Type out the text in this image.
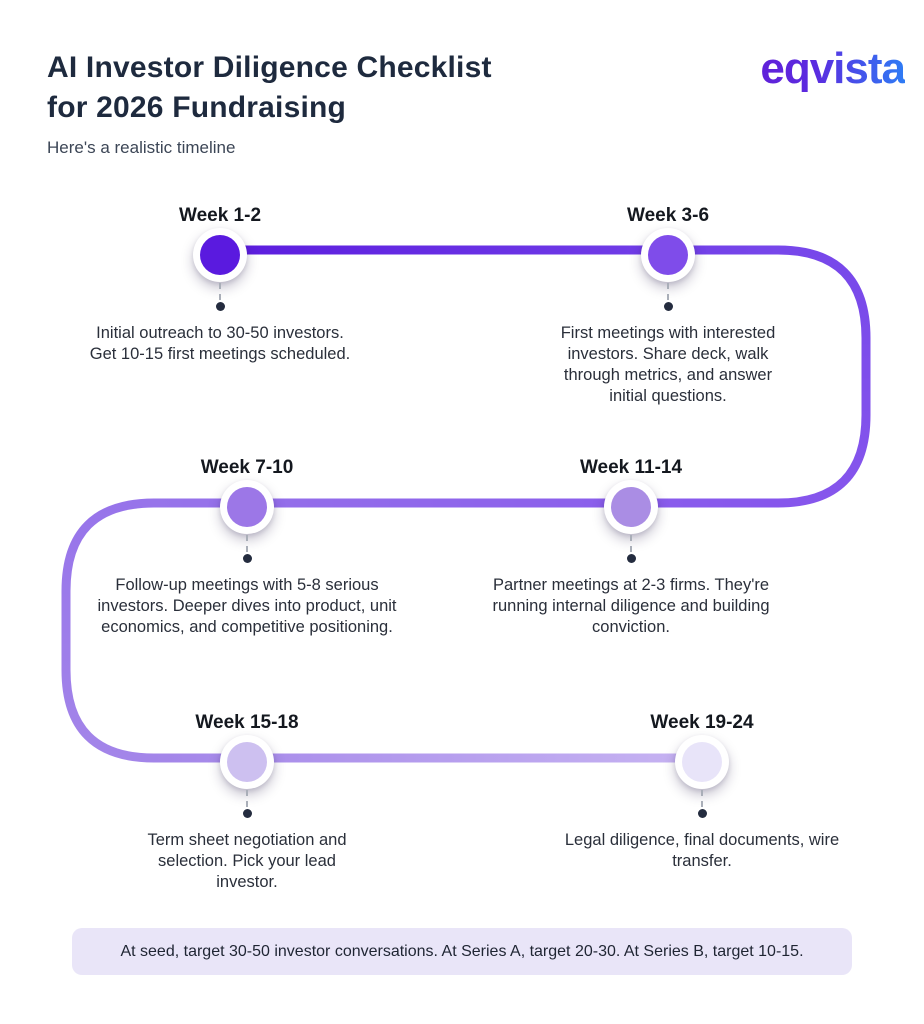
AI Investor Diligence Checklist
for 2026 Fundraising
Here's a realistic timeline
eqvista
Week 1-2
Initial outreach to 30-50 investors. Get 10-15 first meetings scheduled.
Week 3-6
First meetings with interested investors. Share deck, walk through metrics, and answer initial questions.
Week 7-10
Follow-up meetings with 5-8 serious investors. Deeper dives into product, unit economics, and competitive positioning.
Week 11-14
Partner meetings at 2-3 firms. They're running internal diligence and building conviction.
Week 15-18
Term sheet negotiation and selection. Pick your lead investor.
Week 19-24
Legal diligence, final documents, wire transfer.
At seed, target 30-50 investor conversations. At Series A, target 20-30. At Series B, target 10-15.
